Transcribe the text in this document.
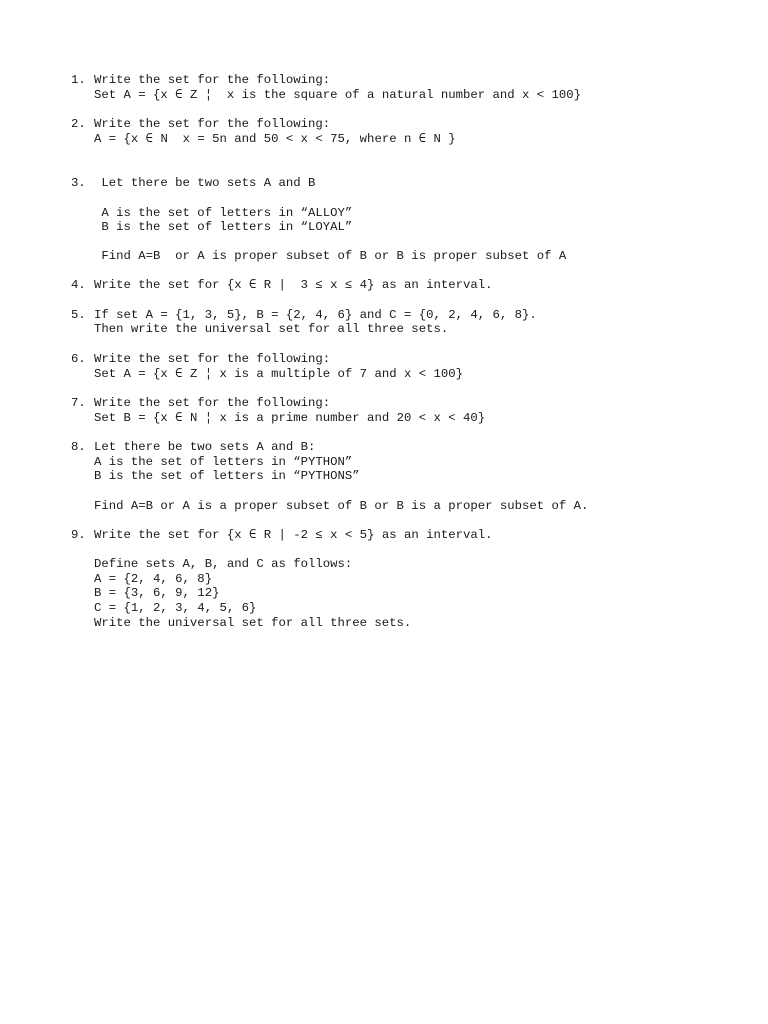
1. Write the set for the following:
Set A = {x ∈ Z ¦  x is the square of a natural number and x < 100}
2. Write the set for the following:
A = {x ∈ N  x = 5n and 50 < x < 75, where n ∈ N }
3. Let there be two sets A and B
A is the set of letters in “ALLOY”
B is the set of letters in “LOYAL”
Find A=B  or A is proper subset of B or B is proper subset of A
4. Write the set for {x ∈ R |  3 ≤ x ≤ 4} as an interval.
5. If set A = {1, 3, 5}, B = {2, 4, 6} and C = {0, 2, 4, 6, 8}.
Then write the universal set for all three sets.
6. Write the set for the following:
Set A = {x ∈ Z ¦ x is a multiple of 7 and x < 100}
7. Write the set for the following:
Set B = {x ∈ N ¦ x is a prime number and 20 < x < 40}
8. Let there be two sets A and B:
A is the set of letters in “PYTHON”
B is the set of letters in “PYTHONS”
Find A=B or A is a proper subset of B or B is a proper subset of A.
9. Write the set for {x ∈ R | -2 ≤ x < 5} as an interval.
Define sets A, B, and C as follows:
A = {2, 4, 6, 8}
B = {3, 6, 9, 12}
C = {1, 2, 3, 4, 5, 6}
Write the universal set for all three sets.
